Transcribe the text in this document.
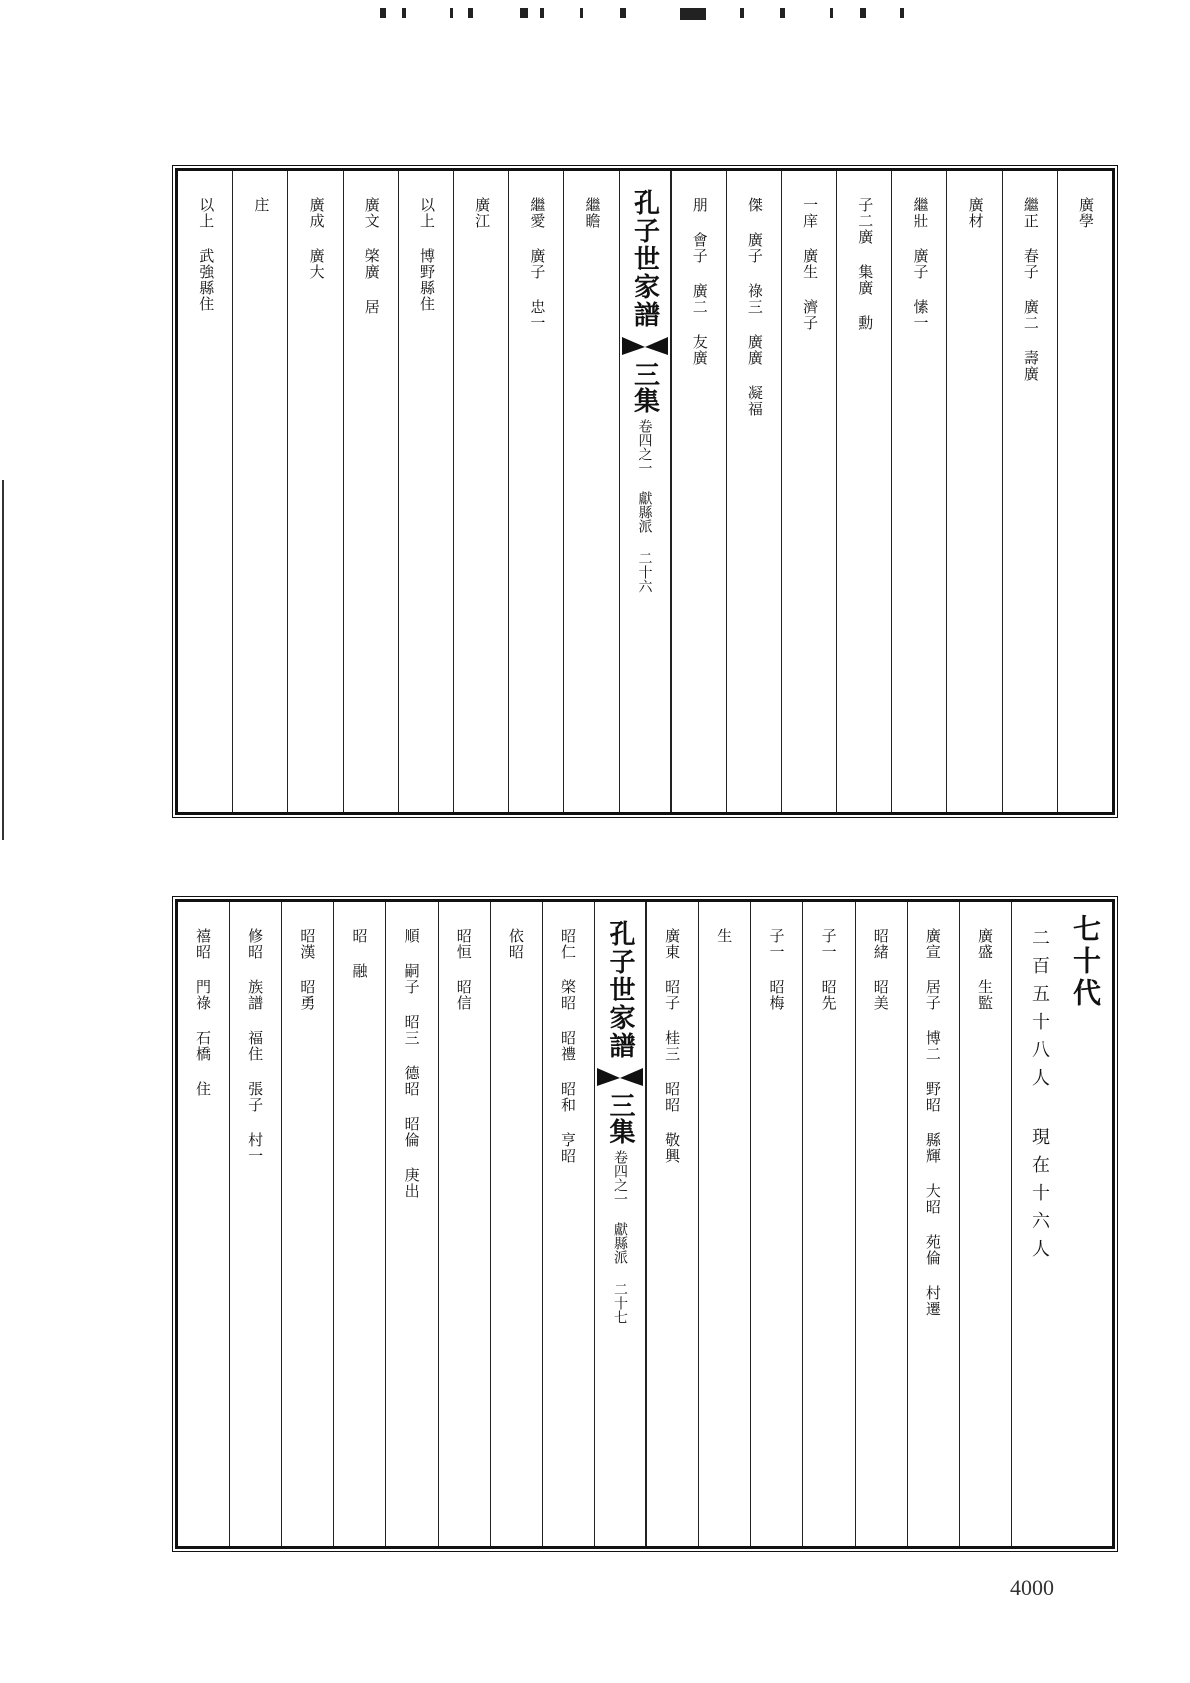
廣學

繼正 春子 廣二 壽廣

廣材

繼壯 廣子 愫一

子二廣 集廣 勳

一庠 廣生 濟子

傑 廣子 祿三 廣廣 凝福

朋 會子 廣二 友廣

孔子世家譜
三集
卷四之一 獻縣派
二十六
繼瞻

繼愛 廣子 忠一

廣江

以上 博野縣住

廣文 棨廣 居

廣成 廣大

庄

以上 武強縣住
七十代
二百五十八人 現在十六人
廣盛 生監

廣宣 居子 博二 野昭 縣輝 大昭 苑倫 村遷

昭緒 昭美

子一 昭先

子一 昭梅

生

廣東 昭子 桂三 昭昭 敬興

孔子世家譜
三集
卷四之一 獻縣派
二十七
昭仁 棨昭 昭禮 昭和 亨昭

依昭

昭恒 昭信

順 嗣子 昭三 德昭 昭倫 庚出

昭 融

昭漢 昭勇

修昭 族譜 福住 張子 村一

禧昭 門祿 石橋 住

4000
